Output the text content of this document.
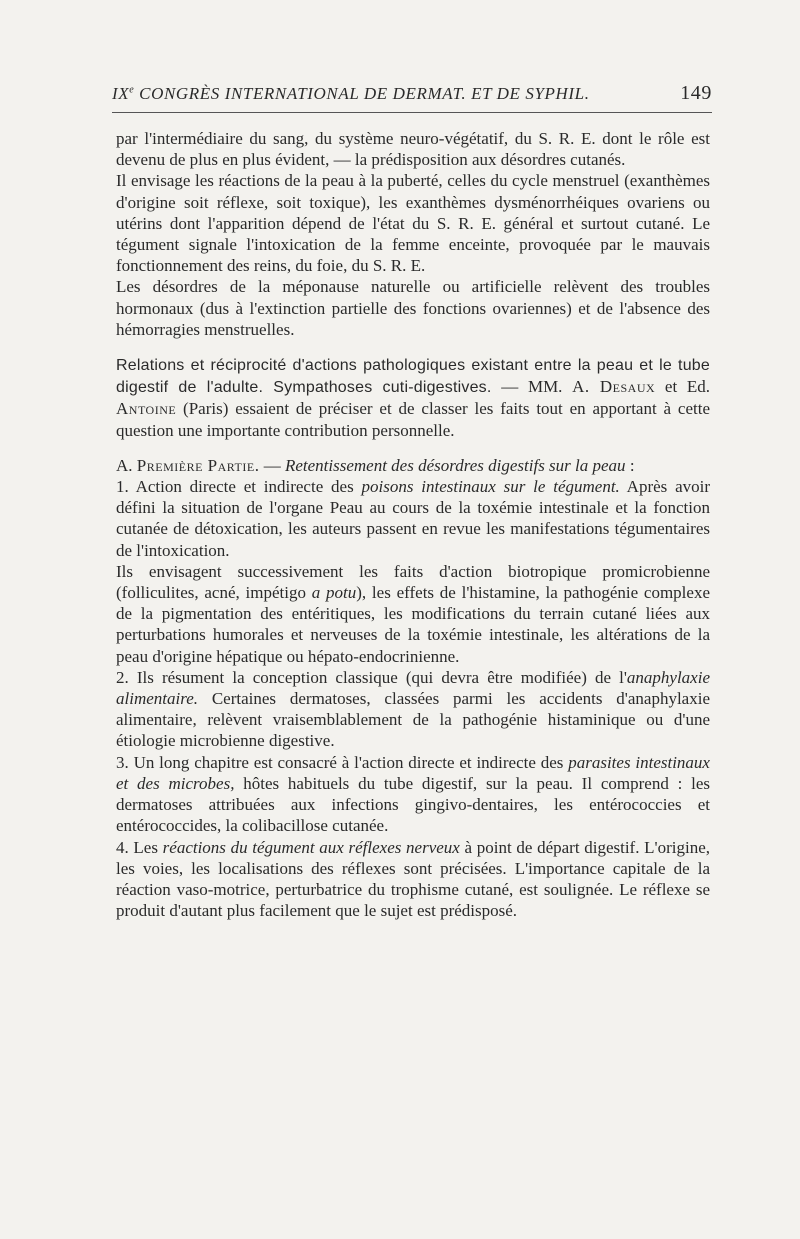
IXe CONGRÈS INTERNATIONAL DE DERMAT. ET DE SYPHIL.	149

par l'intermédiaire du sang, du système neuro-végétatif, du S. R. E. dont le rôle est devenu de plus en plus évident, — la prédisposition aux désordres cutanés.

Il envisage les réactions de la peau à la puberté, celles du cycle menstruel (exanthèmes d'origine soit réflexe, soit toxique), les exanthèmes dysménorrhéiques ovariens ou utérins dont l'apparition dépend de l'état du S. R. E. général et surtout cutané. Le tégument signale l'intoxication de la femme enceinte, provoquée par le mauvais fonctionnement des reins, du foie, du S. R. E.

Les désordres de la méponause naturelle ou artificielle relèvent des troubles hormonaux (dus à l'extinction partielle des fonctions ovariennes) et de l'absence des hémorragies menstruelles.

Relations et réciprocité d'actions pathologiques existant entre la peau et le tube digestif de l'adulte. Sympathoses cuti-digestives. — MM. A. Desaux et Ed. Antoine (Paris) essaient de préciser et de classer les faits tout en apportant à cette question une importante contribution personnelle.

A. Première Partie. — Retentissement des désordres digestifs sur la peau :

1. Action directe et indirecte des poisons intestinaux sur le tégument. Après avoir défini la situation de l'organe Peau au cours de la toxémie intestinale et la fonction cutanée de détoxication, les auteurs passent en revue les manifestations tégumentaires de l'intoxication.

Ils envisagent successivement les faits d'action biotropique promicrobienne (folliculites, acné, impétigo a potu), les effets de l'histamine, la pathogénie complexe de la pigmentation des entéritiques, les modifications du terrain cutané liées aux perturbations humorales et nerveuses de la toxémie intestinale, les altérations de la peau d'origine hépatique ou hépato-endocrinienne.

2. Ils résument la conception classique (qui devra être modifiée) de l'anaphylaxie alimentaire. Certaines dermatoses, classées parmi les accidents d'anaphylaxie alimentaire, relèvent vraisemblablement de la pathogénie histaminique ou d'une étiologie microbienne digestive.

3. Un long chapitre est consacré à l'action directe et indirecte des parasites intestinaux et des microbes, hôtes habituels du tube digestif, sur la peau. Il comprend : les dermatoses attribuées aux infections gingivo-dentaires, les entérococcies et entérococcides, la colibacillose cutanée.

4. Les réactions du tégument aux réflexes nerveux à point de départ digestif. L'origine, les voies, les localisations des réflexes sont précisées. L'importance capitale de la réaction vaso-motrice, perturbatrice du trophisme cutané, est soulignée. Le réflexe se produit d'autant plus facilement que le sujet est prédisposé.
